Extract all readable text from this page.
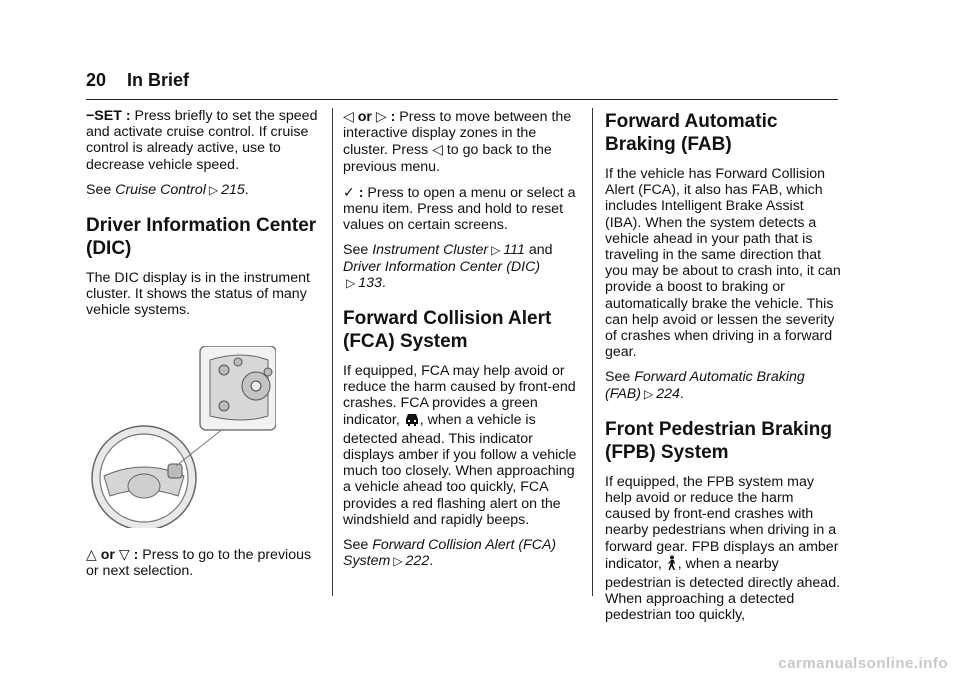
20 In Brief

−SET : Press briefly to set the speed and activate cruise control. If cruise control is already active, use to decrease vehicle speed.

See Cruise Control ▷ 215.

Driver Information Center (DIC)

The DIC display is in the instrument cluster. It shows the status of many vehicle systems.

△ or ▽ : Press to go to the previous or next selection.

◁ or ▷ : Press to move between the interactive display zones in the cluster. Press ◁ to go back to the previous menu.

✓ : Press to open a menu or select a menu item. Press and hold to reset values on certain screens.

See Instrument Cluster ▷ 111 and Driver Information Center (DIC)
▷ 133.

Forward Collision Alert (FCA) System

If equipped, FCA may help avoid or reduce the harm caused by front-end crashes. FCA provides a green indicator, , when a vehicle is detected ahead. This indicator displays amber if you follow a vehicle much too closely. When approaching a vehicle ahead too quickly, FCA provides a red flashing alert on the windshield and rapidly beeps.

See Forward Collision Alert (FCA) System ▷ 222.

Forward Automatic Braking (FAB)

If the vehicle has Forward Collision Alert (FCA), it also has FAB, which includes Intelligent Brake Assist (IBA). When the system detects a vehicle ahead in your path that is traveling in the same direction that you may be about to crash into, it can provide a boost to braking or automatically brake the vehicle. This can help avoid or lessen the severity of crashes when driving in a forward gear.

See Forward Automatic Braking (FAB) ▷ 224.

Front Pedestrian Braking (FPB) System

If equipped, the FPB system may help avoid or reduce the harm caused by front-end crashes with nearby pedestrians when driving in a forward gear. FPB displays an amber indicator, , when a nearby pedestrian is detected directly ahead. When approaching a detected pedestrian too quickly,

carmanualsonline.info
